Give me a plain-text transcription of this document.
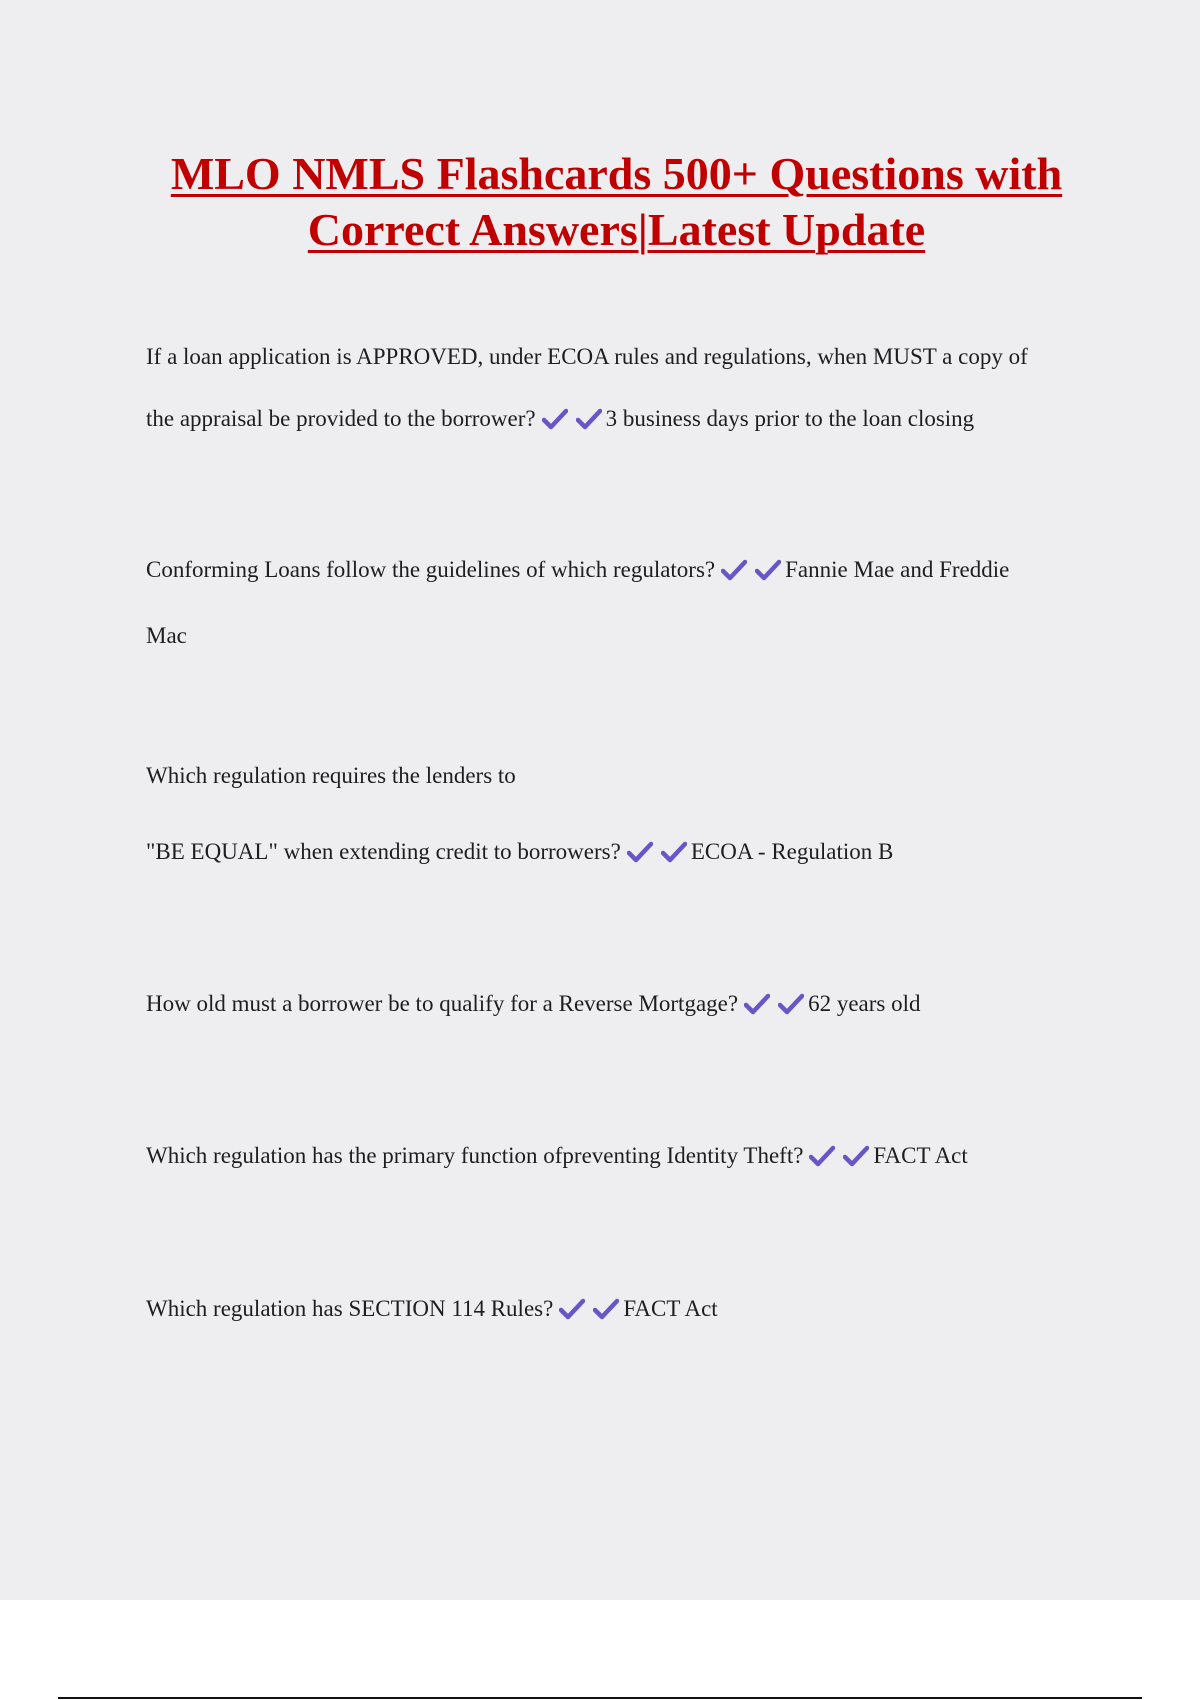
MLO NMLS Flashcards 500+ Questions with
Correct Answers|Latest Update
If a loan application is APPROVED, under ECOA rules and regulations, when MUST a copy of
the appraisal be provided to the borrower?	3 business days prior to the loan closing
Conforming Loans follow the guidelines of which regulators?	Fannie Mae and Freddie
Mac
Which regulation requires the lenders to
"BE EQUAL" when extending credit to borrowers?	ECOA - Regulation B
How old must a borrower be to qualify for a Reverse Mortgage?	62 years old
Which regulation has the primary function ofpreventing Identity Theft?	FACT Act
Which regulation has SECTION 114 Rules?	FACT Act
